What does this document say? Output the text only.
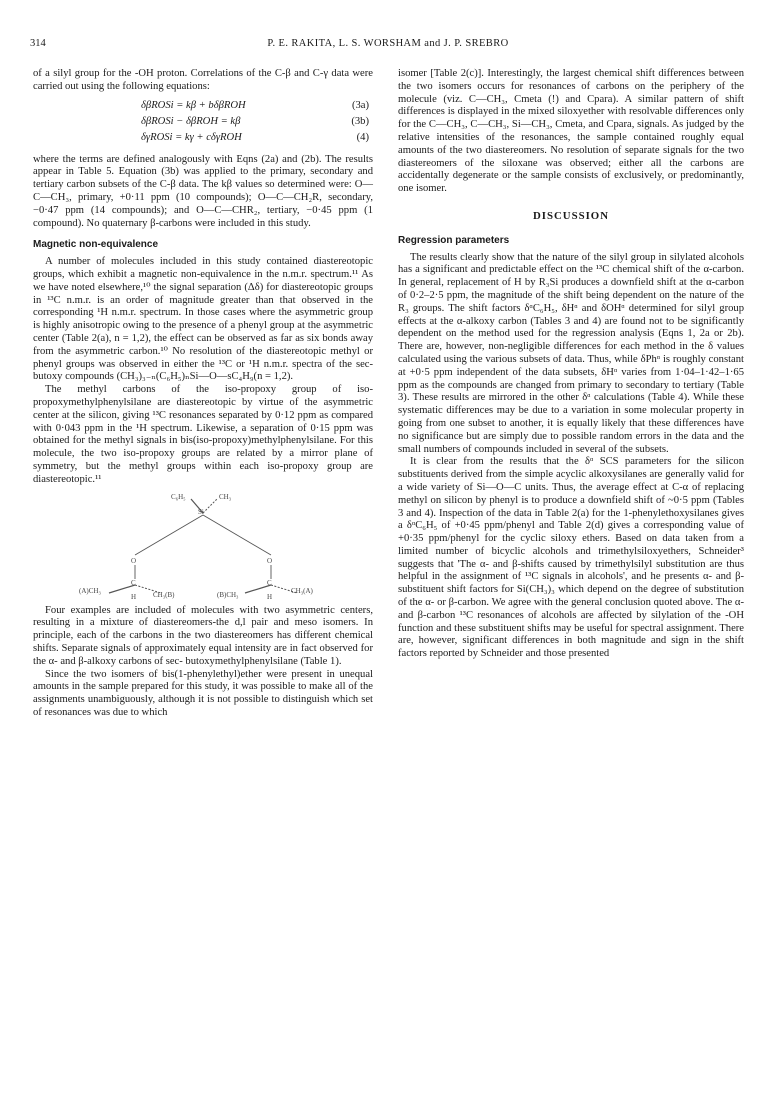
314	P. E. RAKITA, L. S. WORSHAM and J. P. SREBRO

of a silyl group for the -OH proton. Correlations of the C-β and C-γ data were carried out using the following equations:

δβROSi = kβ + bδβROH	(3a)
δβROSi − δβROH = kβ	(3b)
δγROSi = kγ + cδγROH	(4)

where the terms are defined analogously with Eqns (2a) and (2b). The results appear in Table 5. Equation (3b) was applied to the primary, secondary and tertiary carbon subsets of the C-β data. The kβ values so determined were: O—C—CH₃, primary, +0·11 ppm (10 compounds); O—C—CH₂R, secondary, −0·47 ppm (14 compounds); and O—C—CHR₂, tertiary, −0·45 ppm (1 compound). No quaternary β-carbons were included in this study.

Magnetic non-equivalence

A number of molecules included in this study contained diastereotopic groups, which exhibit a magnetic non-equivalence in the n.m.r. spectrum.¹¹ As we have noted elsewhere,¹⁰ the signal separation (Δδ) for diastereotopic groups in ¹³C n.m.r. is an order of magnitude greater than that observed in the corresponding ¹H n.m.r. spectrum. In those cases where the asymmetric group is highly anisotropic owing to the presence of a phenyl group at the asymmetric center (Table 2(a), n = 1,2), the effect can be observed as far as six bonds away from the asymmetric carbon.¹⁰ No resolution of the diastereotopic methyl or phenyl groups was observed in either the ¹³C or ¹H n.m.r. spectra of the sec-butoxy compounds (CH₃)₃₋ₙ(C₆H₅)ₙSi—O—sC₄H₉(n = 1,2).

The methyl carbons of the iso-propoxy group of iso-propoxymethylphenylsilane are diastereotopic by virtue of the asymmetric center at the silicon, giving ¹³C resonances separated by 0·12 ppm as compared with 0·043 ppm in the ¹H spectrum. Likewise, a separation of 0·15 ppm was obtained for the methyl signals in bis(iso-propoxy)methylphenylsilane. For this molecule, the two iso-propoxy groups are related by a mirror plane of symmetry, but the methyl groups within each iso-propoxy group are diastereotopic.¹¹

C₆H₅	CH₃
Si
O	O
C	C
(A)CH₃	CH₃(B)	(B)CH₃	CH₃(A)
H	H

Four examples are included of molecules with two asymmetric centers, resulting in a mixture of diastereomers-the d,l pair and meso isomers. In principle, each of the carbons in the two diastereomers has different chemical shifts. Separate signals of approximately equal intensity are in fact observed for the α- and β-alkoxy carbons of sec- butoxymethylphenylsilane (Table 1).

Since the two isomers of bis(1-phenylethyl)ether were present in unequal amounts in the sample prepared for this study, it was possible to make all of the assignments unambiguously, although it is not possible to distinguish which set of resonances was due to which

isomer [Table 2(c)]. Interestingly, the largest chemical shift differences between the two isomers occurs for resonances of carbons on the periphery of the molecule (viz. C—CH₃, Cmeta (!) and Cpara). A similar pattern of shift differences is displayed in the mixed siloxyether with resolvable differences only for the C—CH₃, C—CH₃, Si—CH₃, Cmeta, and Cpara, signals. As judged by the relative intensities of the resonances, the sample contained roughly equal amounts of the two diastereomers. No resolution of separate signals for the two diastereomers of the siloxane was observed; either all the carbons are accidentally degenerate or the sample consists of exclusively, or predominantly, one isomer.

DISCUSSION
Regression parameters

The results clearly show that the nature of the silyl group in silylated alcohols has a significant and predictable effect on the ¹³C chemical shift of the α-carbon. In general, replacement of H by R₃Si produces a downfield shift at the α-carbon of 0·2–2·5 ppm, the magnitude of the shift being dependent on the nature of the R₃ groups. The shift factors δᵅC₆H₅, δHᵅ and δOHᵅ determined for silyl group effects at the α-alkoxy carbon (Tables 3 and 4) are found not to be significantly dependent on the method used for the regression analysis (Eqns 1, 2a or 2b). There are, however, non-negligible differences for each method in the δ values calculated using the various subsets of data. Thus, while δPhᵅ is roughly constant at +0·5 ppm independent of the data subsets, δHᵅ varies from 1·04–1·42–1·65 ppm as the compounds are changed from primary to secondary to tertiary (Table 3). These results are mirrored in the other δᵅ calculations (Table 4). While these systematic differences may be due to a variation in some molecular property in going from one subset to another, it is equally likely that these differences have no significance but are simply due to possible random errors in the data and the small numbers of compounds included in several of the subsets.

It is clear from the results that the δᵅ SCS parameters for the silicon substituents derived from the simple acyclic alkoxysilanes are generally valid for a wide variety of Si—O—C units. Thus, the average effect at C-α of replacing methyl on silicon by phenyl is to produce a downfield shift of ~0·5 ppm (Tables 3 and 4). Inspection of the data in Table 2(a) for the 1-phenylethoxysilanes gives a δᵅC₆H₅ of +0·45 ppm/phenyl and Table 2(d) gives a corresponding value of +0·35 ppm/phenyl for the cyclic siloxy ethers. Based on data taken from a limited number of bicyclic alcohols and trimethylsiloxyethers, Schneider³ suggests that 'The α- and β-shifts caused by trimethylsilyl substitution are thus helpful in the assignment of ¹³C signals in alcohols', and he presents α- and β-substituent shift factors for Si(CH₃)₃ which depend on the degree of substitution of the α- or β-carbon. We agree with the general conclusion quoted above. The α- and β-carbon ¹³C resonances of alcohols are affected by silylation of the -OH function and these substituent shifts may be useful for spectral assignment. There are, however, significant differences in both magnitude and sign in the shift factors reported by Schneider and those presented
